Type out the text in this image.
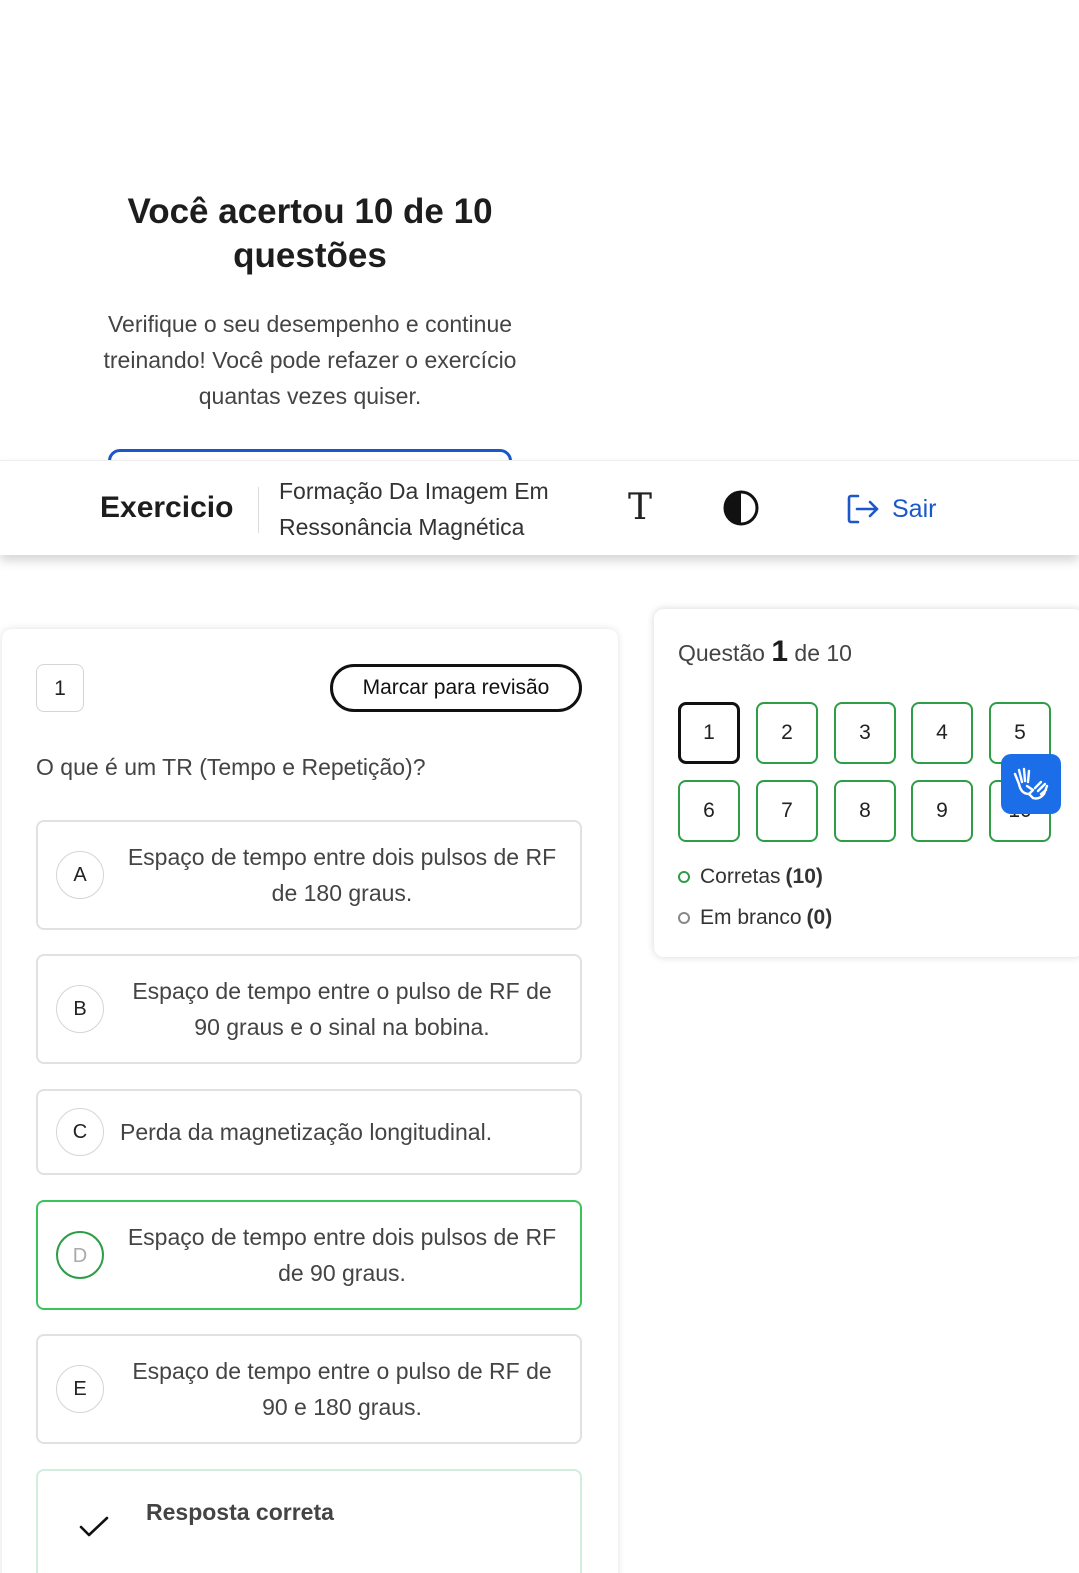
Você acertou 10 de 10 questões

Verifique o seu desempenho e continue treinando! Você pode refazer o exercício quantas vezes quiser.

Exercicio Formação Da Imagem Em Ressonância Magnética	T	Sair
1	Marcar para revisão
O que é um TR (Tempo e Repetição)?
A
Espaço de tempo entre dois pulsos de RF de 180 graus.
B
Espaço de tempo entre o pulso de RF de 90 graus e o sinal na bobina.
C	Perda da magnetização longitudinal.
D
Espaço de tempo entre dois pulsos de RF de 90 graus.
E
Espaço de tempo entre o pulso de RF de 90 e 180 graus.
Resposta correta
Questão 1 de 10
1	2	3	4	5
6	7	8	9
Corretas (10)
Em branco (0)
